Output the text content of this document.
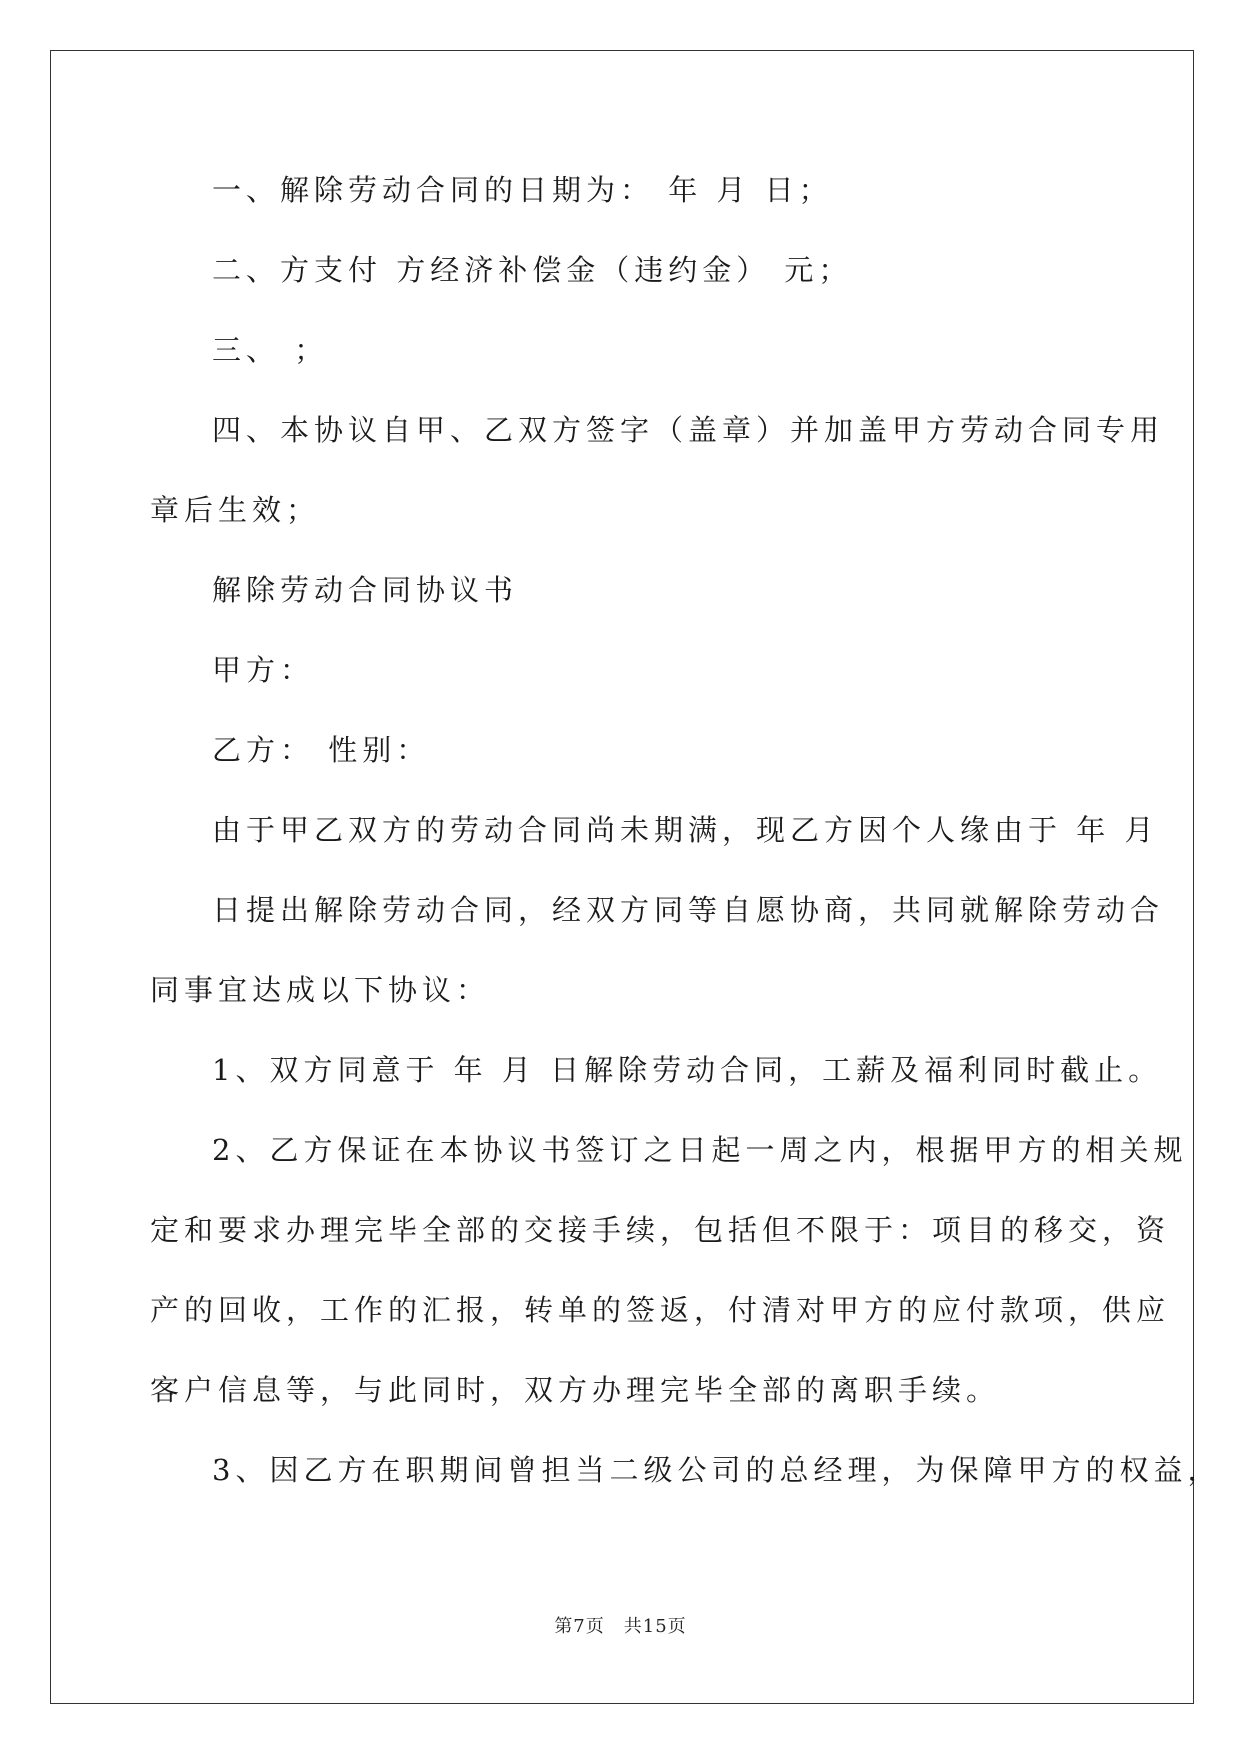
一、解除劳动合同的日期为： 年 月 日；
二、方支付 方经济补偿金（违约金） 元；
三、 ；
四、本协议自甲、乙双方签字（盖章）并加盖甲方劳动合同专用
章后生效；
解除劳动合同协议书
甲方：
乙方： 性别：
由于甲乙双方的劳动合同尚未期满，现乙方因个人缘由于 年 月
日提出解除劳动合同，经双方同等自愿协商，共同就解除劳动合
同事宜达成以下协议：
1、双方同意于 年 月 日解除劳动合同，工薪及福利同时截止。
2、乙方保证在本协议书签订之日起一周之内，根据甲方的相关规
定和要求办理完毕全部的交接手续，包括但不限于：项目的移交，资
产的回收，工作的汇报，转单的签返，付清对甲方的应付款项，供应
客户信息等，与此同时，双方办理完毕全部的离职手续。
3、因乙方在职期间曾担当二级公司的总经理，为保障甲方的权益，
第7页　共15页
